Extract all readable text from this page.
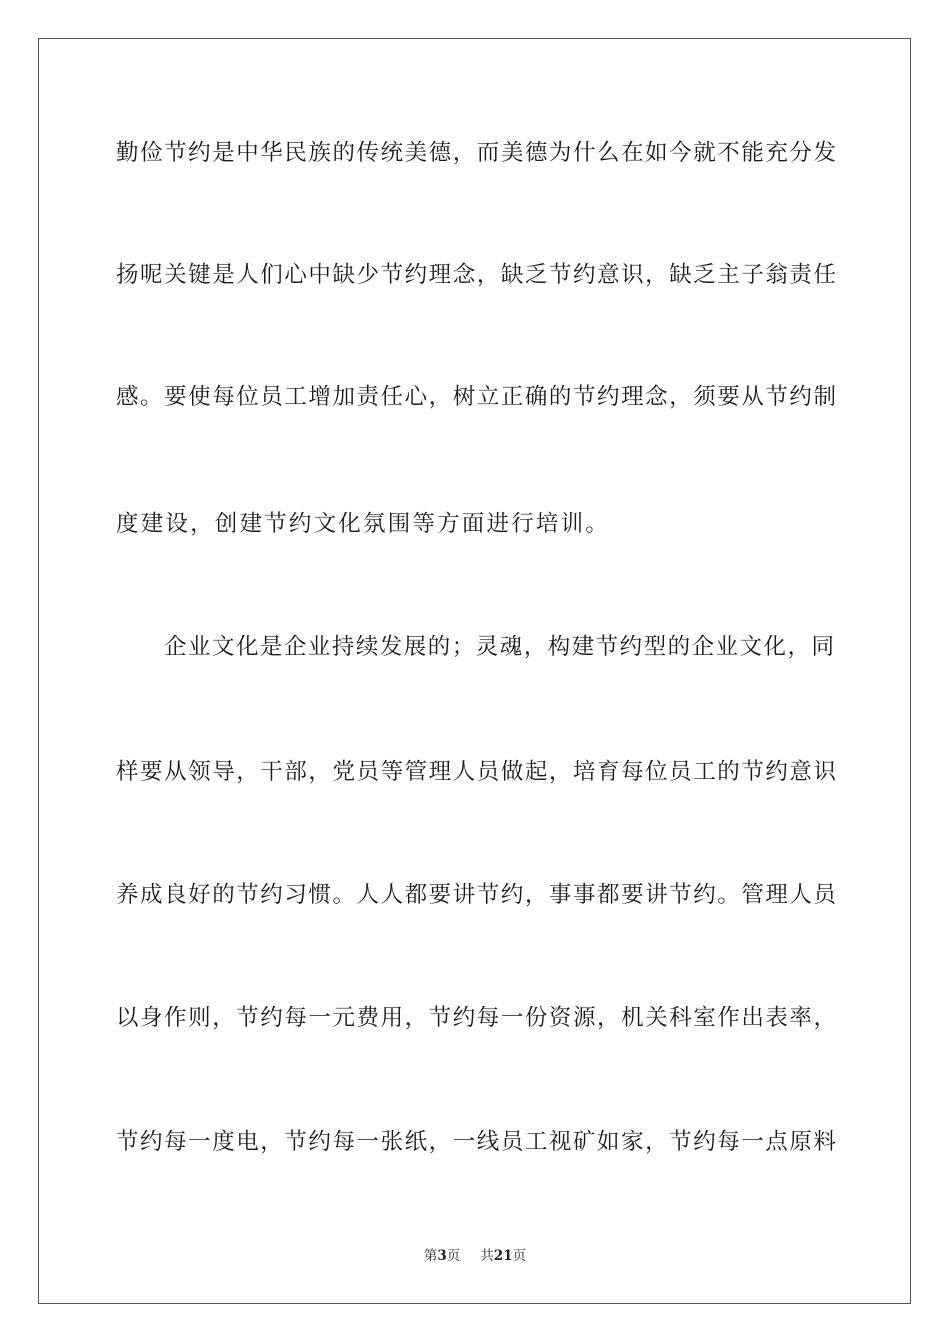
勤俭节约是中华民族的传统美德，而美德为什么在如今就不能充分发
扬呢关键是人们心中缺少节约理念，缺乏节约意识，缺乏主子翁责任
感。要使每位员工增加责任心，树立正确的节约理念，须要从节约制
度建设，创建节约文化氛围等方面进行培训。
企业文化是企业持续发展的；灵魂，构建节约型的企业文化，同
样要从领导，干部，党员等管理人员做起，培育每位员工的节约意识
养成良好的节约习惯。人人都要讲节约，事事都要讲节约。管理人员
以身作则，节约每一元费用，节约每一份资源，机关科室作出表率，
节约每一度电，节约每一张纸，一线员工视矿如家，节约每一点原料
第3页 共21页
